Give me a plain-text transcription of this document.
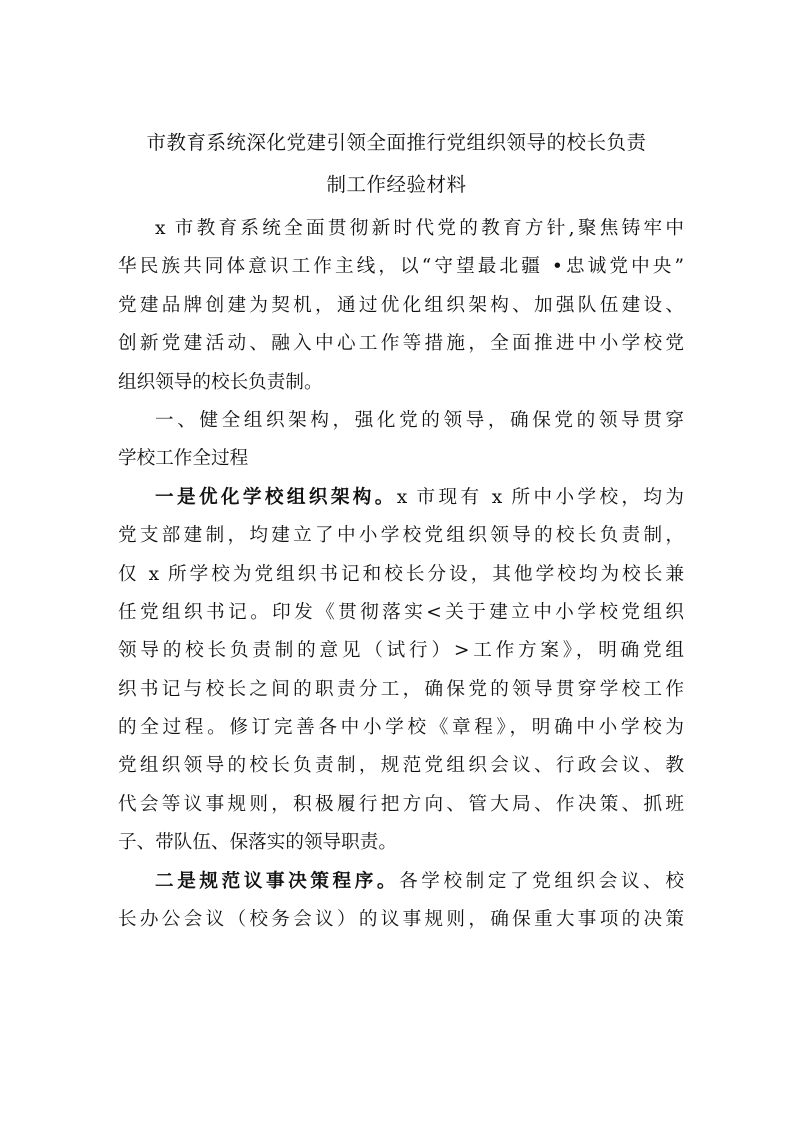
市教育系统深化党建引领全面推行党组织领导的校长负责
制工作经验材料
x 市教育系统全面贯彻新时代党的教育方针,聚焦铸牢中
华民族共同体意识工作主线，以“守望最北疆 •忠诚党中央”
党建品牌创建为契机，通过优化组织架构、加强队伍建设、
创新党建活动、融入中心工作等措施，全面推进中小学校党
组织领导的校长负责制。
一、健全组织架构，强化党的领导，确保党的领导贯穿
学校工作全过程
一是优化学校组织架构。x 市现有 x 所中小学校，均为
党支部建制，均建立了中小学校党组织领导的校长负责制，
仅 x 所学校为党组织书记和校长分设，其他学校均为校长兼
任党组织书记。印发《贯彻落实<关于建立中小学校党组织
领导的校长负责制的意见（试行）>工作方案》，明确党组
织书记与校长之间的职责分工，确保党的领导贯穿学校工作
的全过程。修订完善各中小学校《章程》，明确中小学校为
党组织领导的校长负责制，规范党组织会议、行政会议、教
代会等议事规则，积极履行把方向、管大局、作决策、抓班
子、带队伍、保落实的领导职责。
二是规范议事决策程序。各学校制定了党组织会议、校
长办公会议（校务会议）的议事规则，确保重大事项的决策
